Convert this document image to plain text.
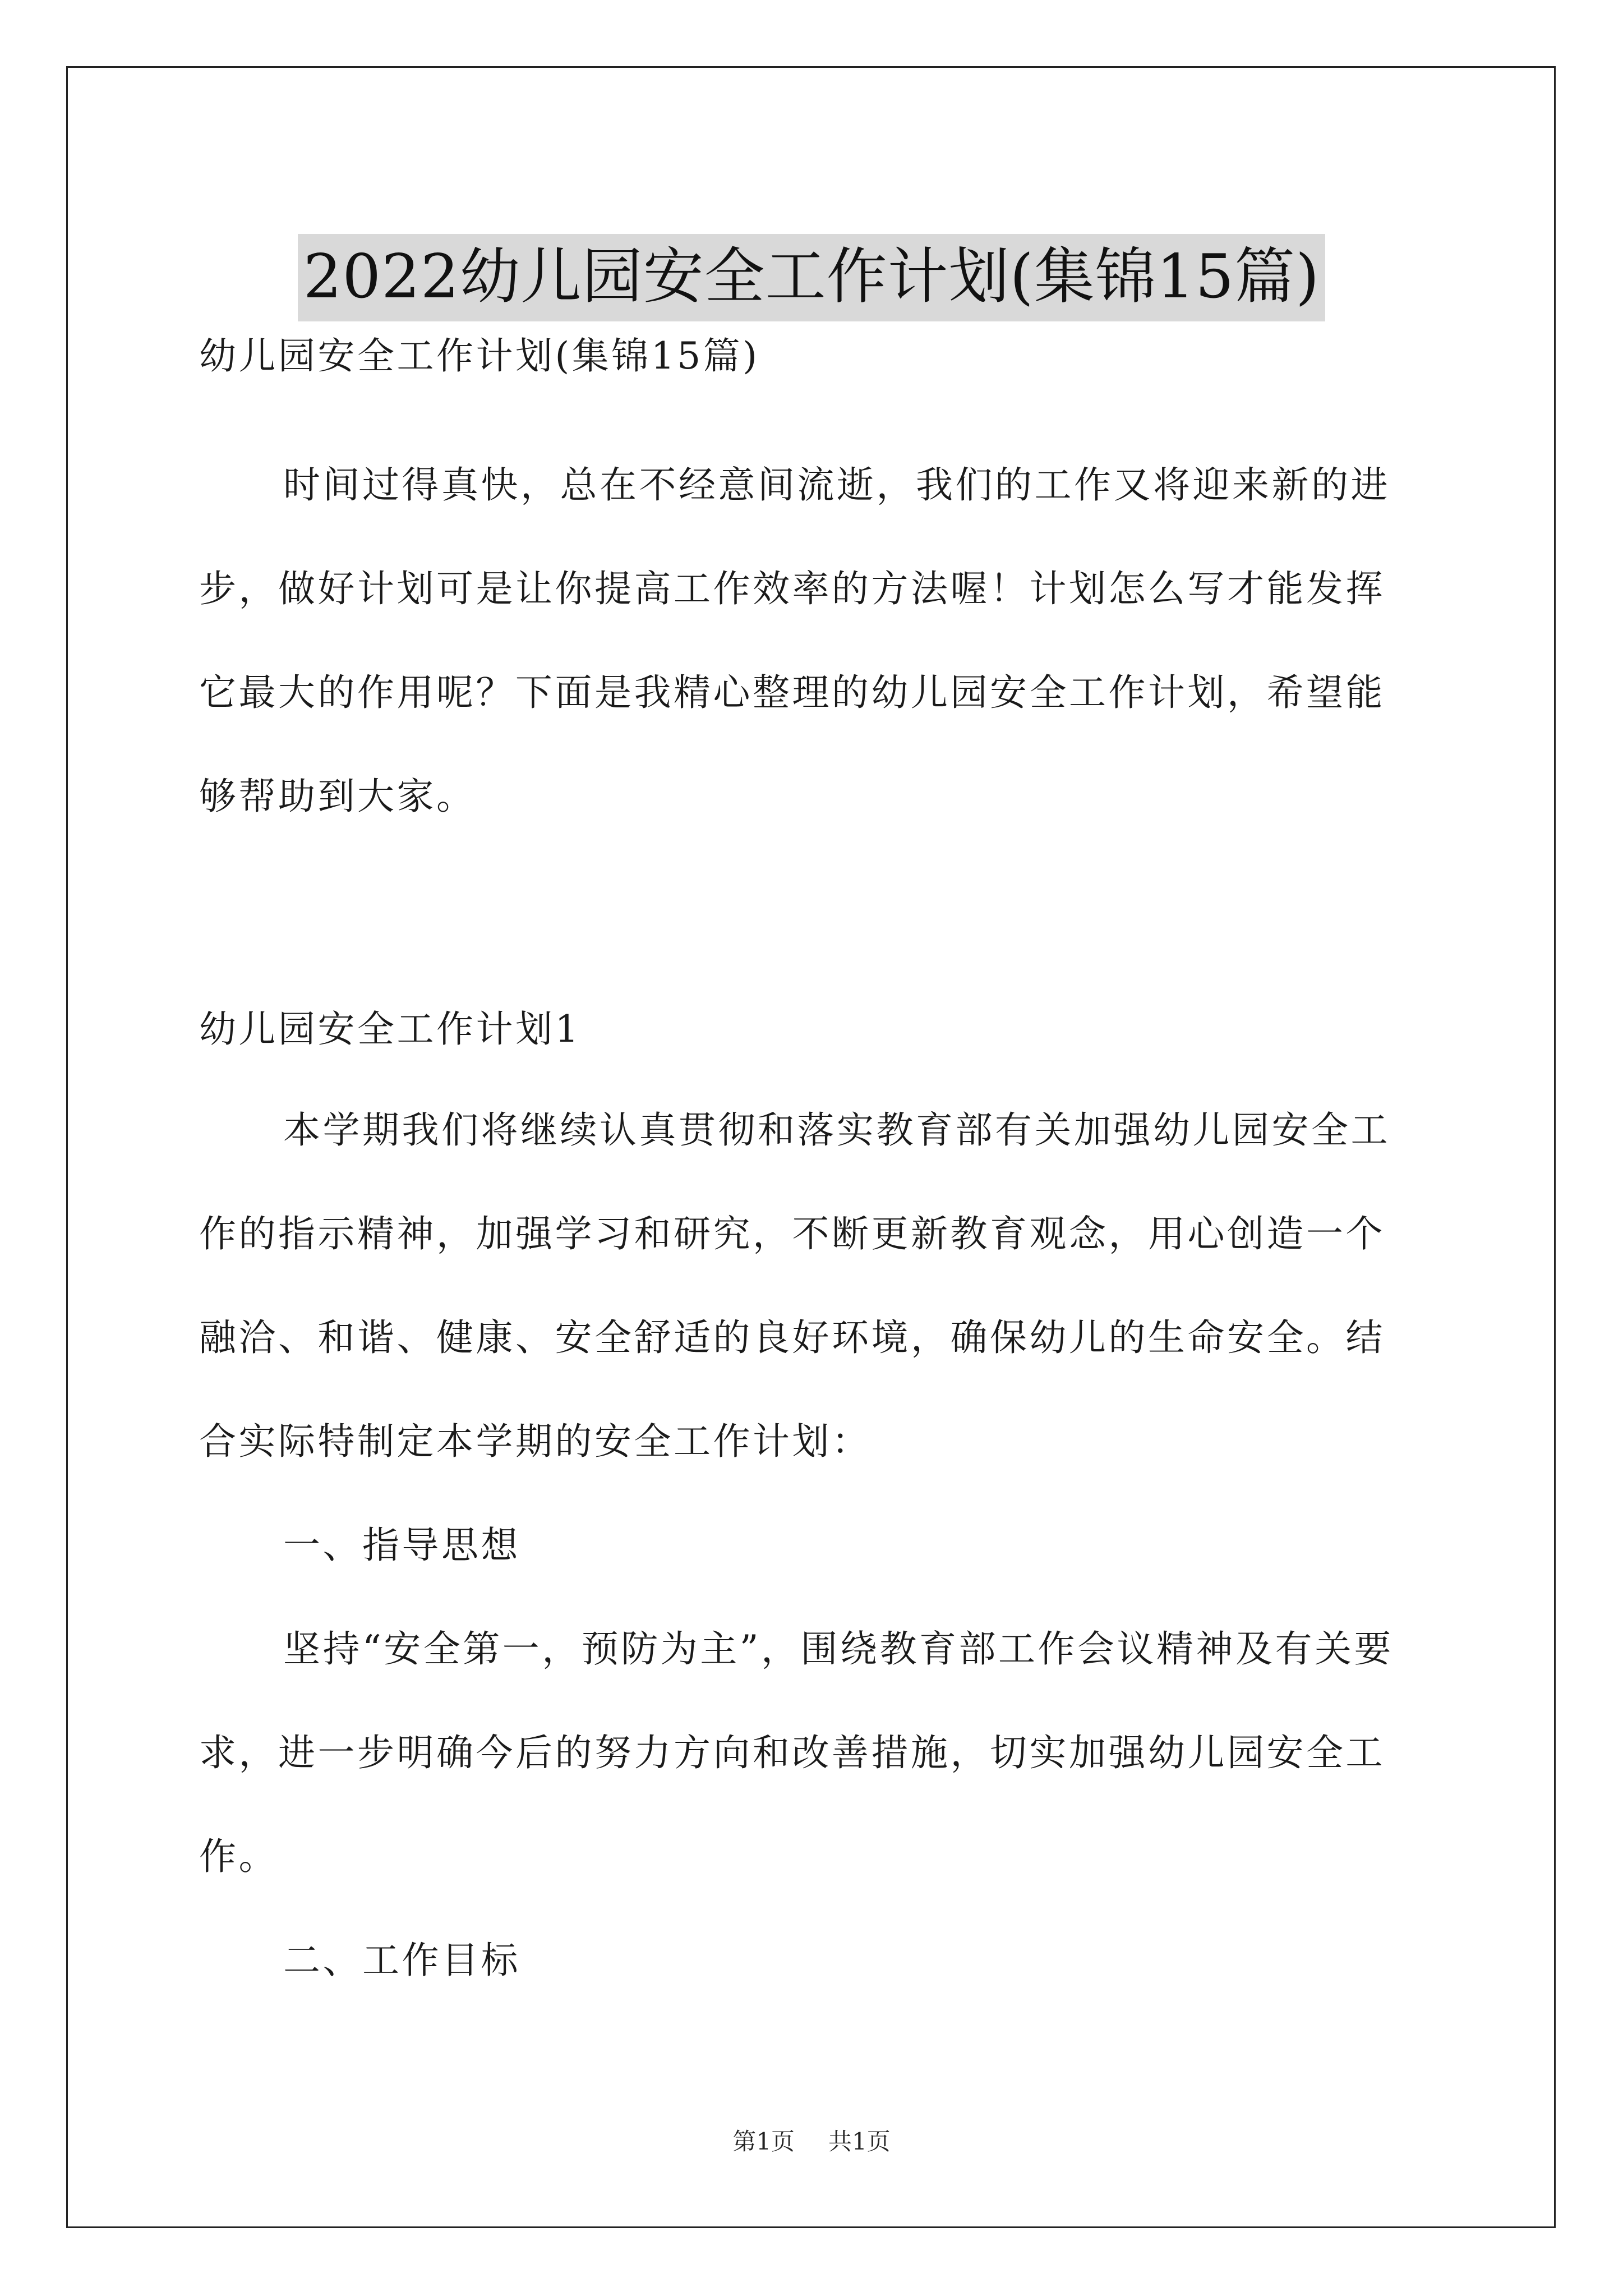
2022幼儿园安全工作计划(集锦15篇)
幼儿园安全工作计划(集锦15篇)
时间过得真快，总在不经意间流逝，我们的工作又将迎来新的进
步，做好计划可是让你提高工作效率的方法喔！计划怎么写才能发挥
它最大的作用呢？下面是我精心整理的幼儿园安全工作计划，希望能
够帮助到大家。
幼儿园安全工作计划1
本学期我们将继续认真贯彻和落实教育部有关加强幼儿园安全工
作的指示精神，加强学习和研究，不断更新教育观念，用心创造一个
融洽、和谐、健康、安全舒适的良好环境，确保幼儿的生命安全。结
合实际特制定本学期的安全工作计划：
一、指导思想
坚持“安全第一，预防为主”，围绕教育部工作会议精神及有关要
求，进一步明确今后的努力方向和改善措施，切实加强幼儿园安全工
作。
二、工作目标
第1页 共1页
